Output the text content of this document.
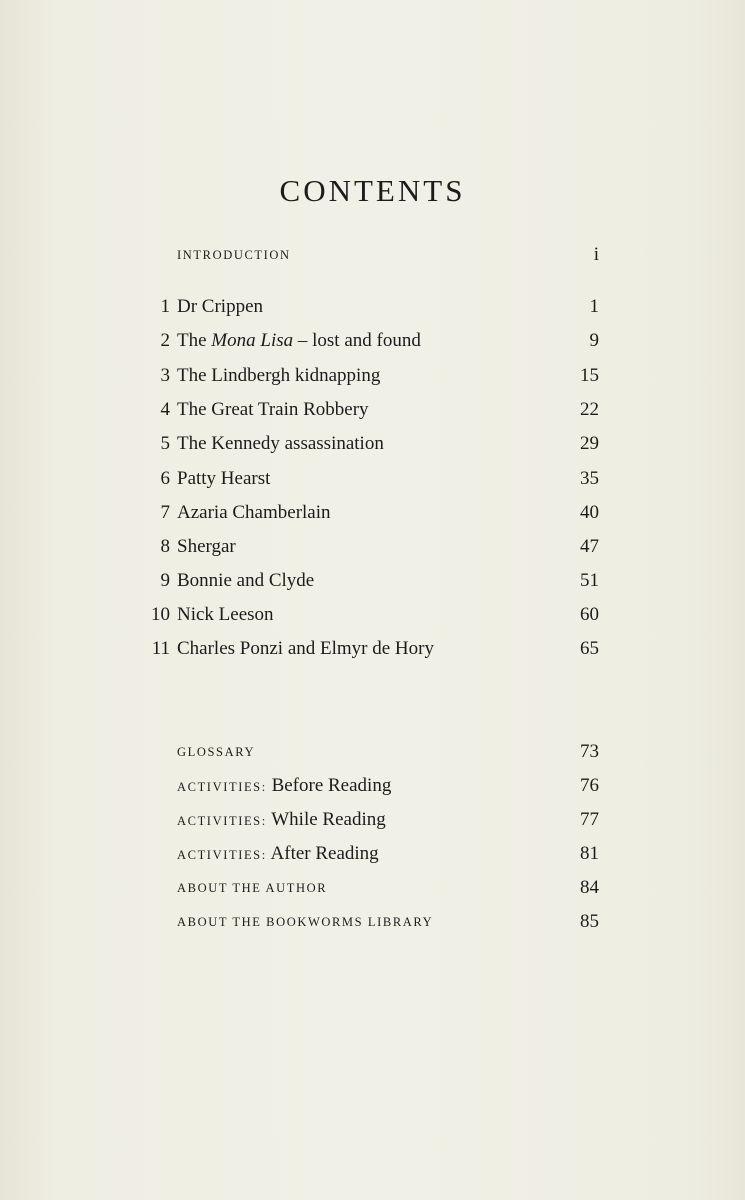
CONTENTS
INTRODUCTION	i
1 Dr Crippen	1
2 The Mona Lisa – lost and found	9
3 The Lindbergh kidnapping	15
4 The Great Train Robbery	22
5 The Kennedy assassination	29
6 Patty Hearst	35
7 Azaria Chamberlain	40
8 Shergar	47
9 Bonnie and Clyde	51
10 Nick Leeson	60
11 Charles Ponzi and Elmyr de Hory	65
GLOSSARY	73
ACTIVITIES: Before Reading	76
ACTIVITIES: While Reading	77
ACTIVITIES: After Reading	81
ABOUT THE AUTHOR	84
ABOUT THE BOOKWORMS LIBRARY	85
